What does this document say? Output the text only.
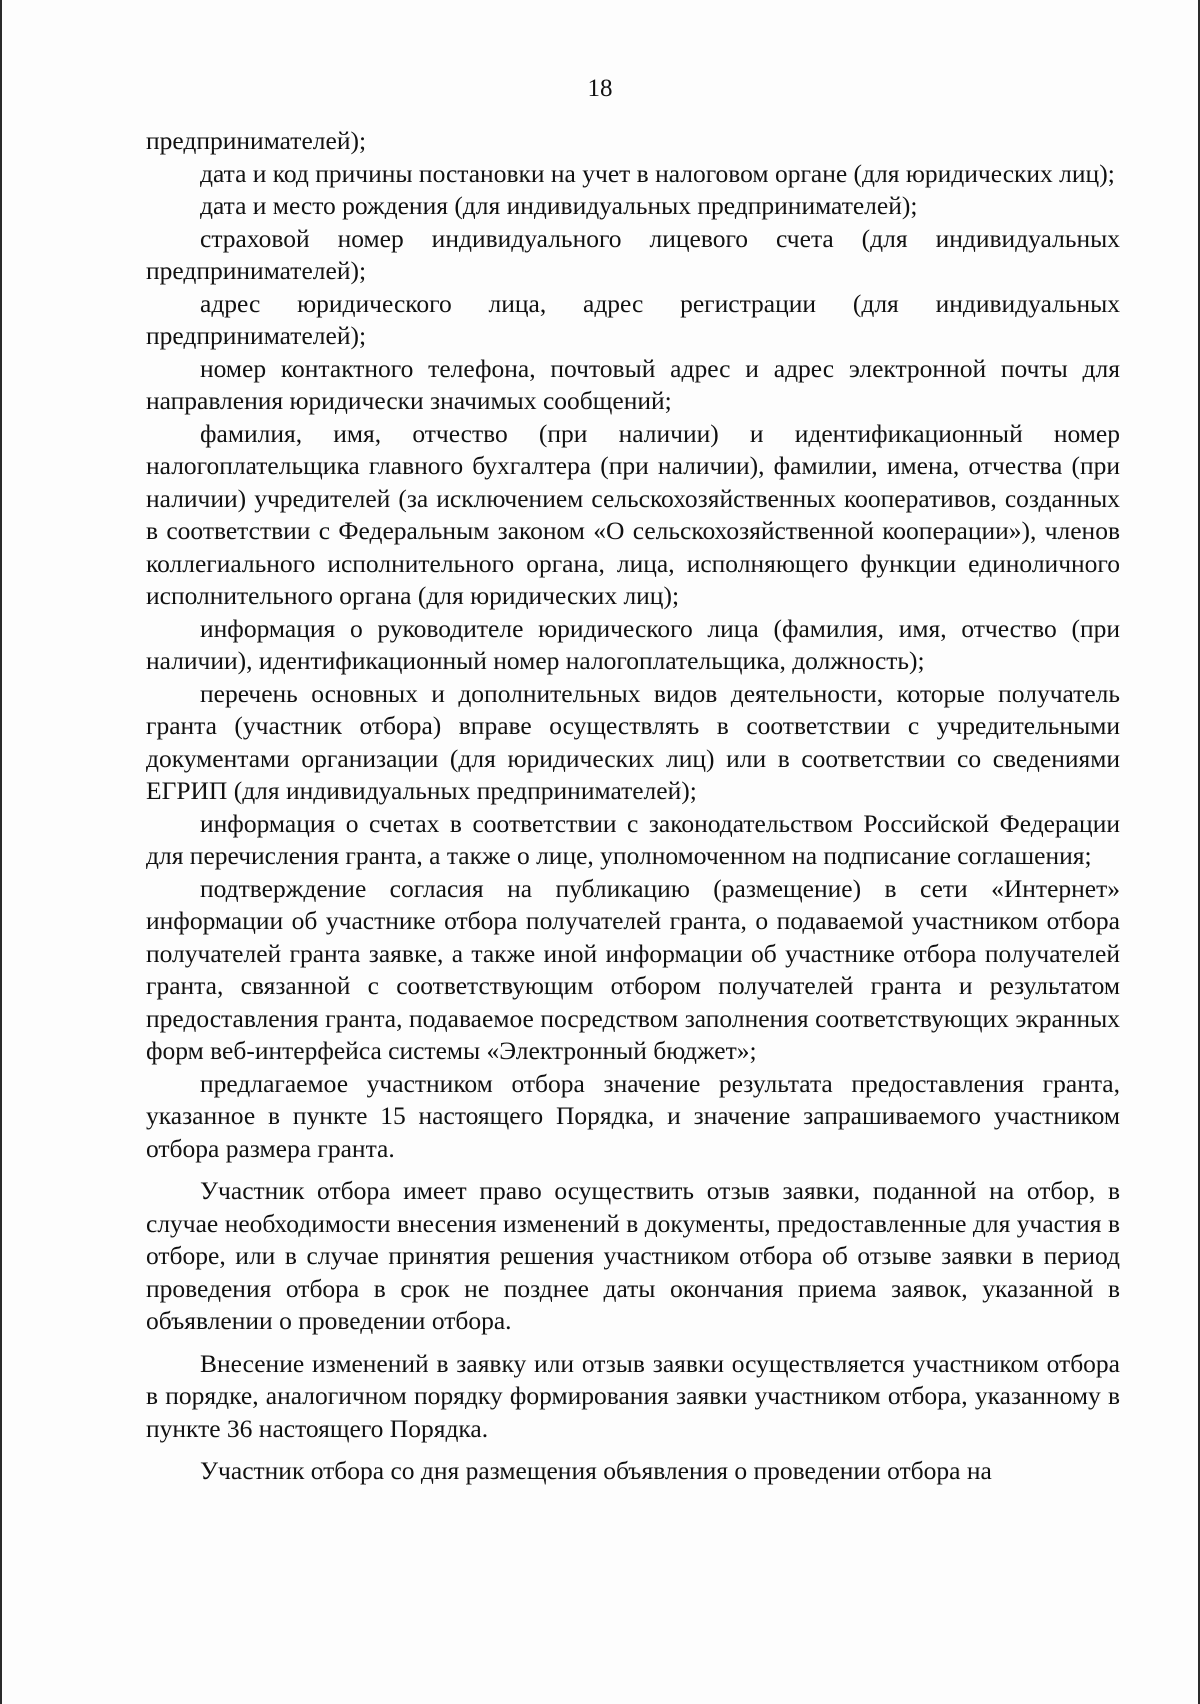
18

предпринимателей);

дата и код причины постановки на учет в налоговом органе (для юридических лиц);

дата и место рождения (для индивидуальных предпринимателей);

страховой номер индивидуального лицевого счета (для индивидуальных предпринимателей);

адрес юридического лица, адрес регистрации (для индивидуальных предпринимателей);

номер контактного телефона, почтовый адрес и адрес электронной почты для направления юридически значимых сообщений;

фамилия, имя, отчество (при наличии) и идентификационный номер налогоплательщика главного бухгалтера (при наличии), фамилии, имена, отчества (при наличии) учредителей (за исключением сельскохозяйственных кооперативов, созданных в соответствии с Федеральным законом «О сельскохозяйственной кооперации»), членов коллегиального исполнительного органа, лица, исполняющего функции единоличного исполнительного органа (для юридических лиц);

информация о руководителе юридического лица (фамилия, имя, отчество (при наличии), идентификационный номер налогоплательщика, должность);

перечень основных и дополнительных видов деятельности, которые получатель гранта (участник отбора) вправе осуществлять в соответствии с учредительными документами организации (для юридических лиц) или в соответствии со сведениями ЕГРИП (для индивидуальных предпринимателей);

информация о счетах в соответствии с законодательством Российской Федерации для перечисления гранта, а также о лице, уполномоченном на подписание соглашения;

подтверждение согласия на публикацию (размещение) в сети «Интернет» информации об участнике отбора получателей гранта, о подаваемой участником отбора получателей гранта заявке, а также иной информации об участнике отбора получателей гранта, связанной с соответствующим отбором получателей гранта и результатом предоставления гранта, подаваемое посредством заполнения соответствующих экранных форм веб-интерфейса системы «Электронный бюджет»;

предлагаемое участником отбора значение результата предоставления гранта, указанное в пункте 15 настоящего Порядка, и значение запрашиваемого участником отбора размера гранта.

Участник отбора имеет право осуществить отзыв заявки, поданной на отбор, в случае необходимости внесения изменений в документы, предоставленные для участия в отборе, или в случае принятия решения участником отбора об отзыве заявки в период проведения отбора в срок не позднее даты окончания приема заявок, указанной в объявлении о проведении отбора.

Внесение изменений в заявку или отзыв заявки осуществляется участником отбора в порядке, аналогичном порядку формирования заявки участником отбора, указанному в пункте 36 настоящего Порядка.

Участник отбора со дня размещения объявления о проведении отбора на
